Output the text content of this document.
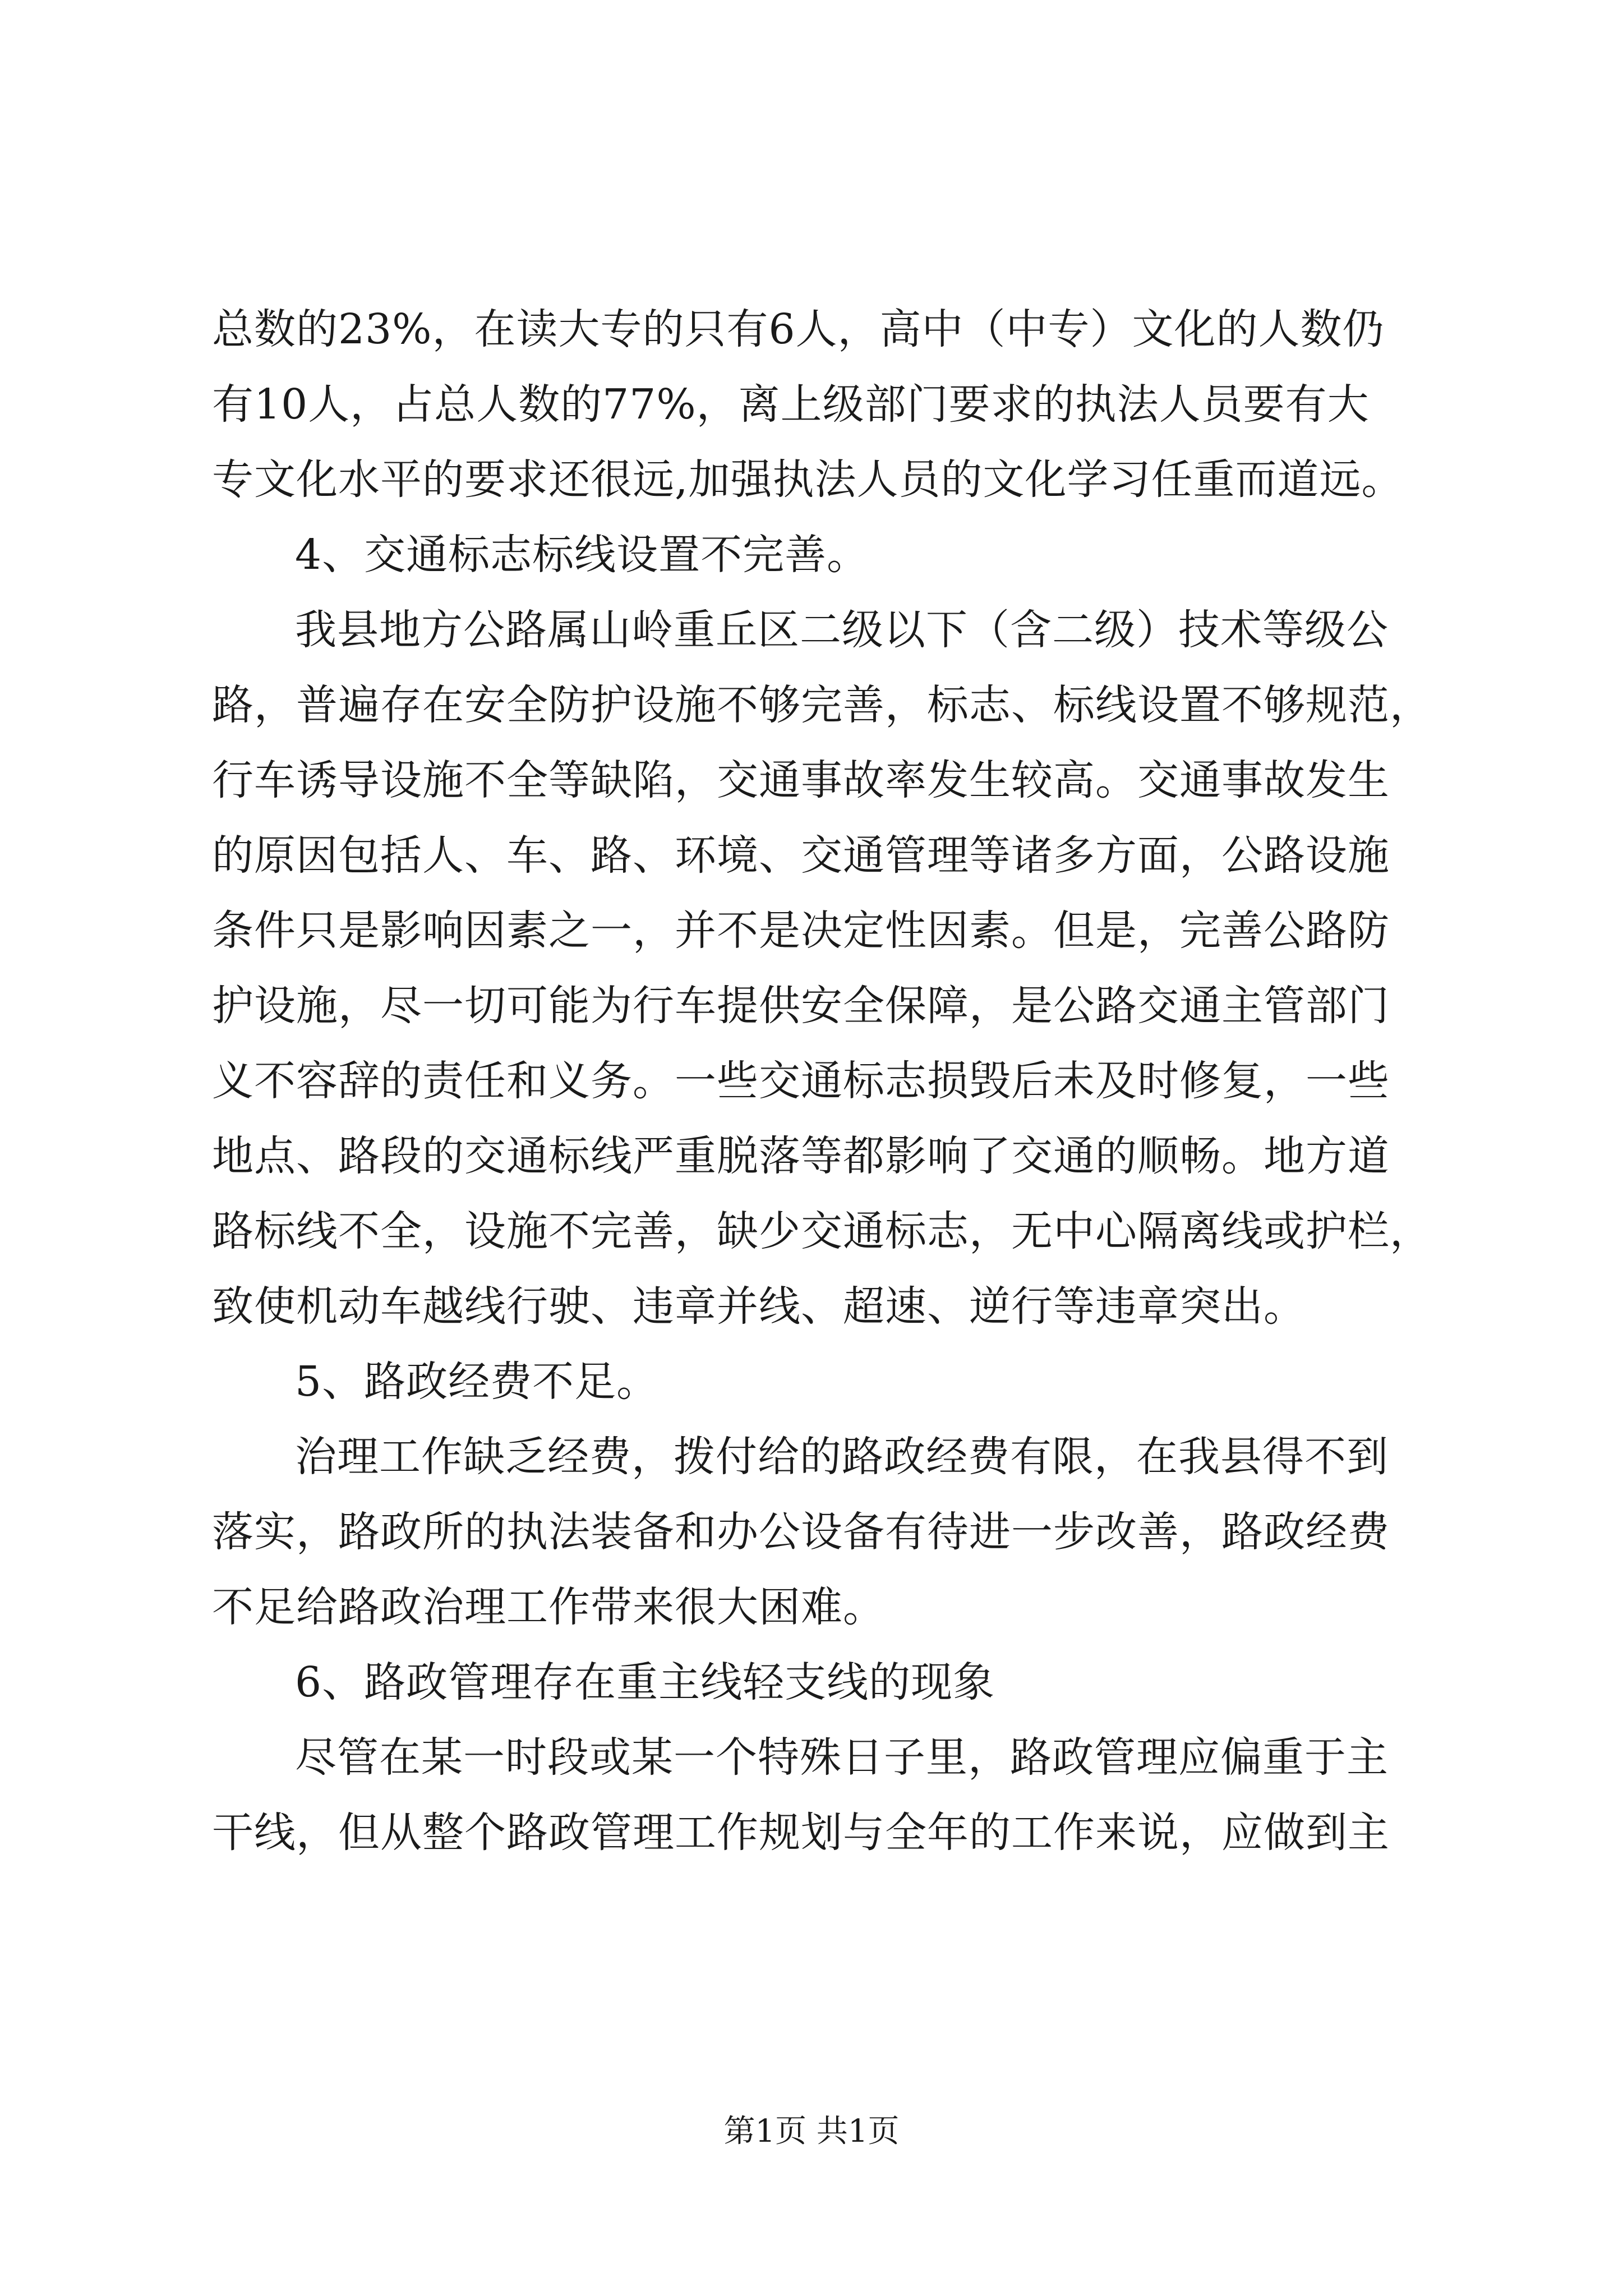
总数的23%，在读大专的只有6人，高中（中专）文化的人数仍
有10人，占总人数的77%，离上级部门要求的执法人员要有大
专文化水平的要求还很远,加强执法人员的文化学习任重而道远。
4、交通标志标线设置不完善。
我县地方公路属山岭重丘区二级以下（含二级）技术等级公
路，普遍存在安全防护设施不够完善，标志、标线设置不够规范，
行车诱导设施不全等缺陷，交通事故率发生较高。交通事故发生
的原因包括人、车、路、环境、交通管理等诸多方面，公路设施
条件只是影响因素之一，并不是决定性因素。但是，完善公路防
护设施，尽一切可能为行车提供安全保障，是公路交通主管部门
义不容辞的责任和义务。一些交通标志损毁后未及时修复，一些
地点、路段的交通标线严重脱落等都影响了交通的顺畅。地方道
路标线不全，设施不完善，缺少交通标志，无中心隔离线或护栏，
致使机动车越线行驶、违章并线、超速、逆行等违章突出。
5、路政经费不足。
治理工作缺乏经费，拨付给的路政经费有限，在我县得不到
落实，路政所的执法装备和办公设备有待进一步改善，路政经费
不足给路政治理工作带来很大困难。
6、路政管理存在重主线轻支线的现象
尽管在某一时段或某一个特殊日子里，路政管理应偏重于主
干线，但从整个路政管理工作规划与全年的工作来说，应做到主
第1页 共1页
